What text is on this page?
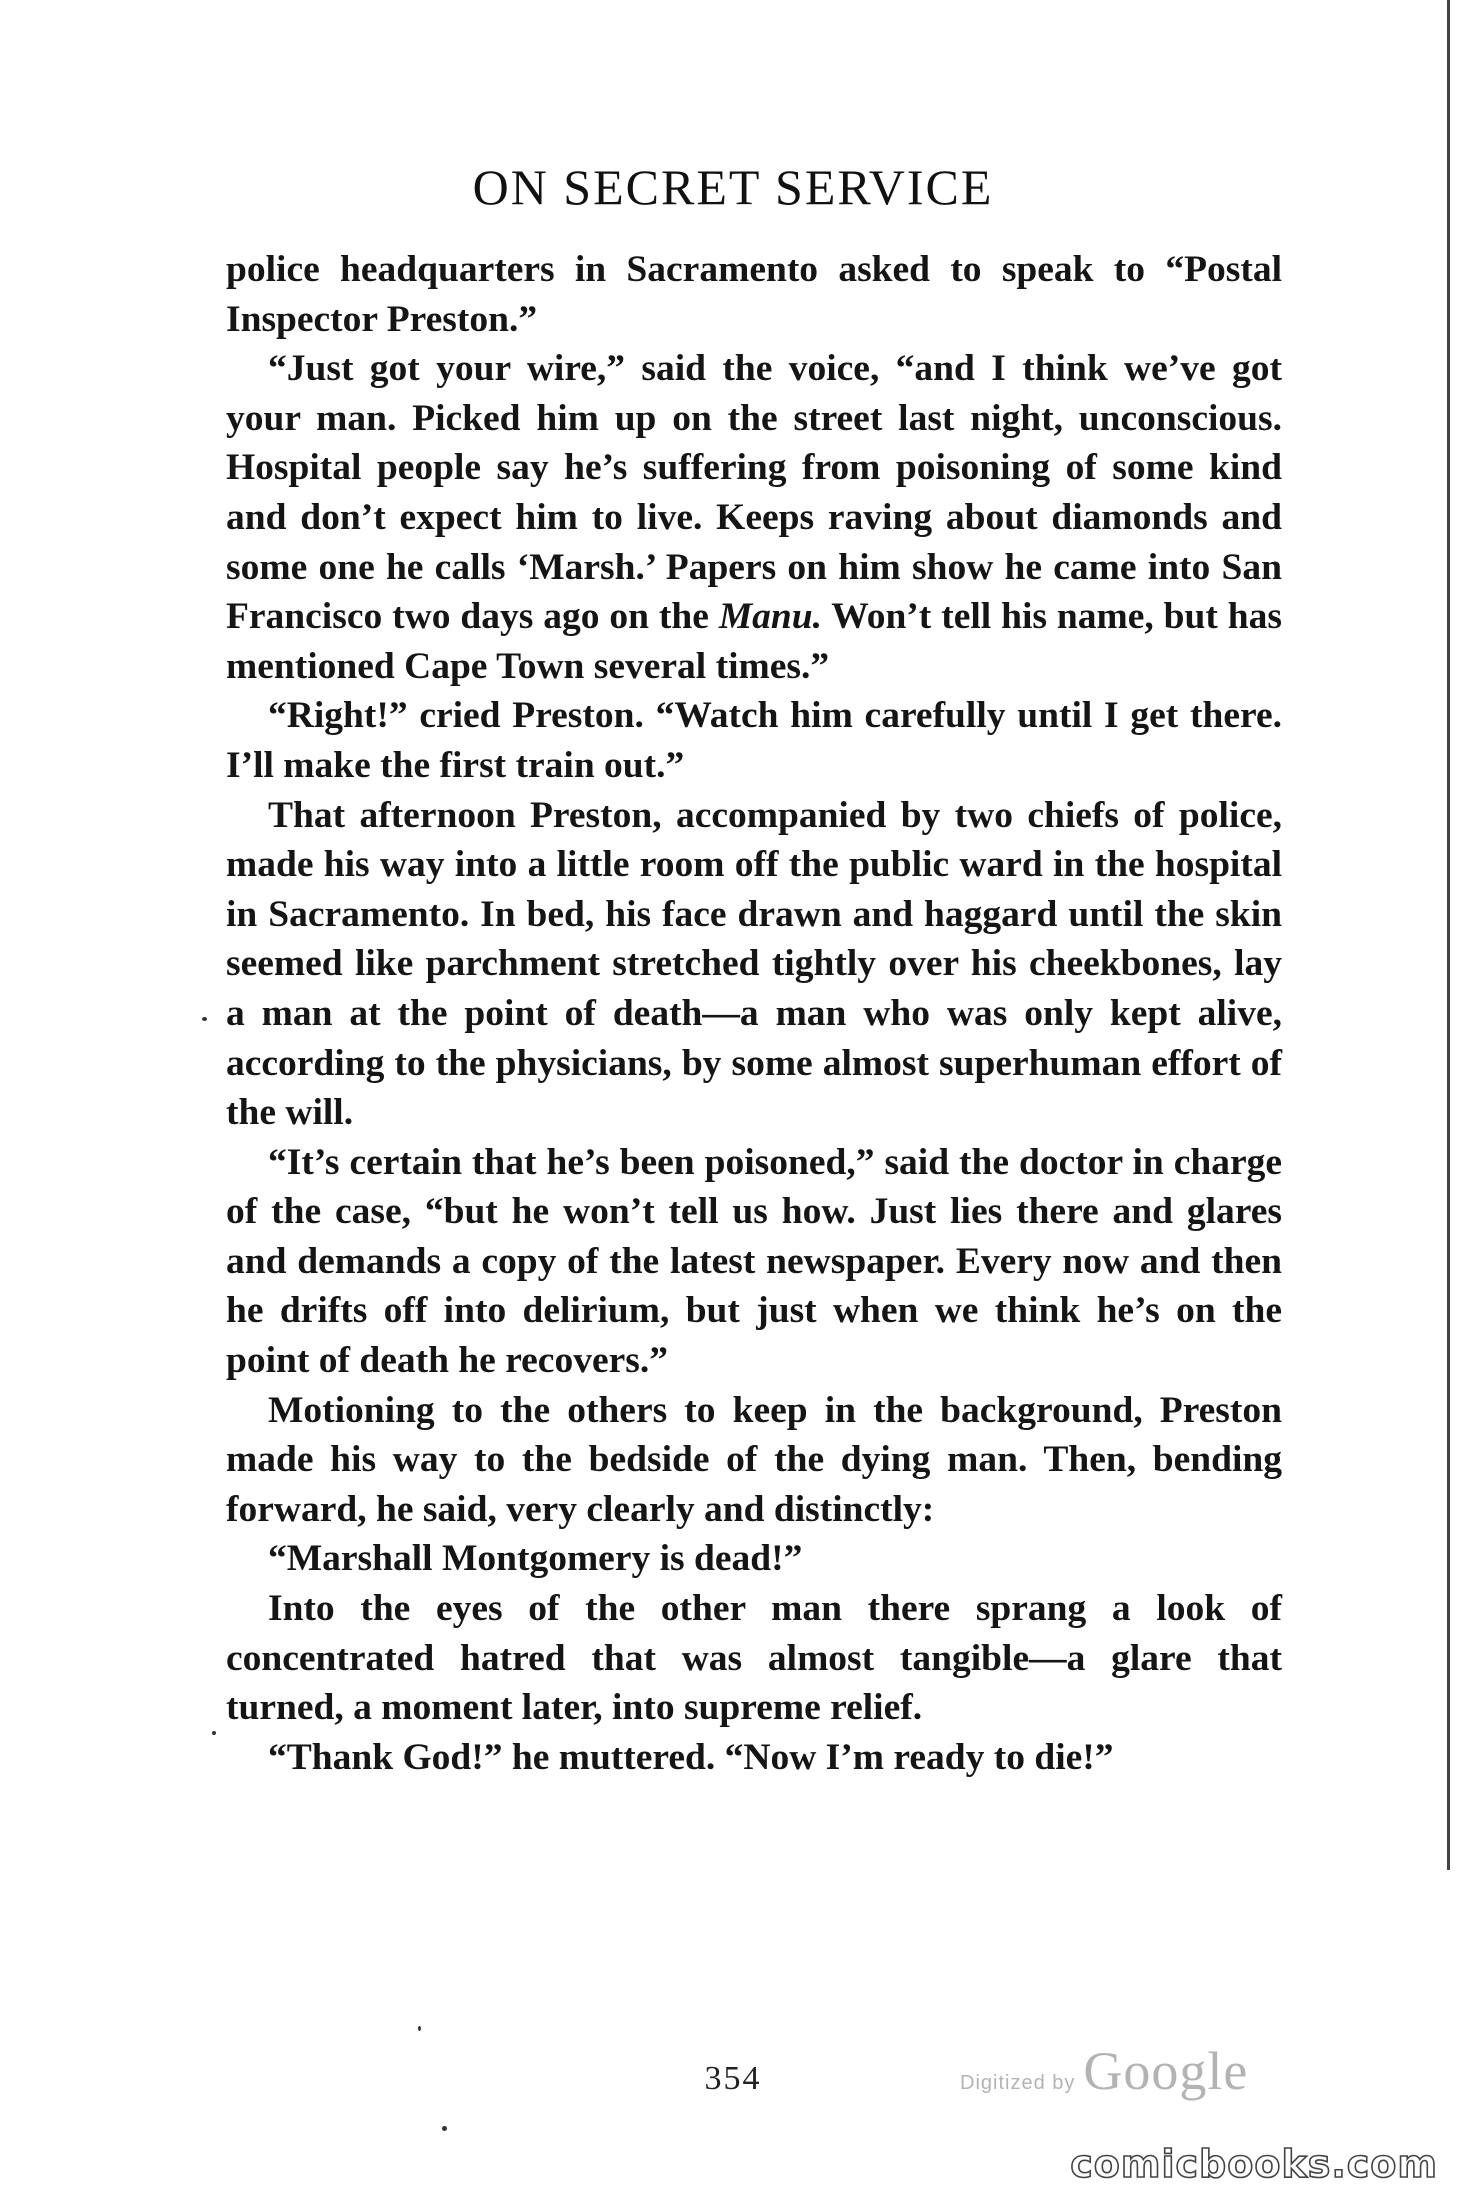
ON SECRET SERVICE

police headquarters in Sacramento asked to speak to “Postal Inspector Preston.”

“Just got your wire,” said the voice, “and I think we’ve got your man. Picked him up on the street last night, unconscious. Hospital people say he’s suffering from poisoning of some kind and don’t expect him to live. Keeps raving about diamonds and some one he calls ‘Marsh.’ Papers on him show he came into San Francisco two days ago on the Manu. Won’t tell his name, but has mentioned Cape Town several times.”

“Right!” cried Preston. “Watch him carefully until I get there. I’ll make the first train out.”

That afternoon Preston, accompanied by two chiefs of police, made his way into a little room off the public ward in the hospital in Sacramento. In bed, his face drawn and haggard until the skin seemed like parchment stretched tightly over his cheekbones, lay a man at the point of death—a man who was only kept alive, according to the physicians, by some almost superhuman effort of the will.

“It’s certain that he’s been poisoned,” said the doctor in charge of the case, “but he won’t tell us how. Just lies there and glares and demands a copy of the latest newspaper. Every now and then he drifts off into delirium, but just when we think he’s on the point of death he recovers.”

Motioning to the others to keep in the background, Preston made his way to the bedside of the dying man. Then, bending forward, he said, very clearly and distinctly:

“Marshall Montgomery is dead!”

Into the eyes of the other man there sprang a look of concentrated hatred that was almost tangible—a glare that turned, a moment later, into supreme relief.

“Thank God!” he muttered. “Now I’m ready to die!”

354	Digitized by Google
comicbooks.com
